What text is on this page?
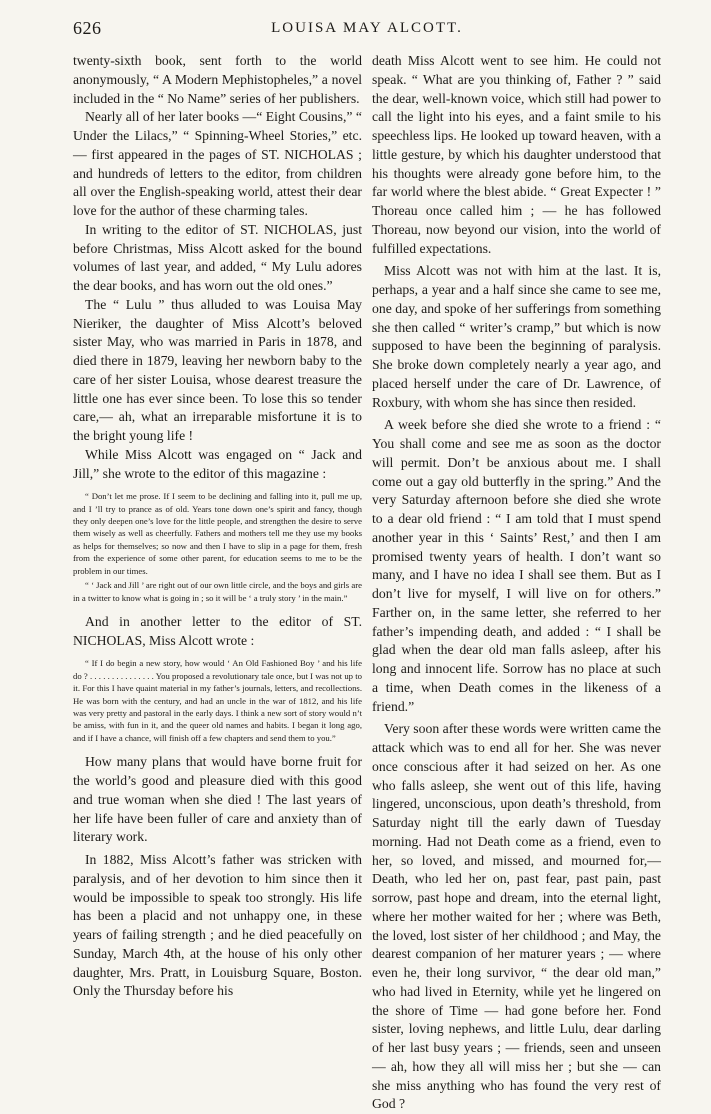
626	LOUISA MAY ALCOTT.

twenty-sixth book, sent forth to the world anonymously, “ A Modern Mephistopheles,” a novel included in the “ No Name” series of her publishers.

Nearly all of her later books —“ Eight Cousins,” “ Under the Lilacs,” “ Spinning-Wheel Stories,” etc.— first appeared in the pages of ST. NICHOLAS ; and hundreds of letters to the editor, from children all over the English-speaking world, attest their dear love for the author of these charming tales.

In writing to the editor of ST. NICHOLAS, just before Christmas, Miss Alcott asked for the bound volumes of last year, and added, “ My Lulu adores the dear books, and has worn out the old ones.”

The “ Lulu ” thus alluded to was Louisa May Nieriker, the daughter of Miss Alcott’s beloved sister May, who was married in Paris in 1878, and died there in 1879, leaving her newborn baby to the care of her sister Louisa, whose dearest treasure the little one has ever since been. To lose this so tender care,— ah, what an irreparable misfortune it is to the bright young life !

While Miss Alcott was engaged on “ Jack and Jill,” she wrote to the editor of this magazine :

“ Don’t let me prose. If I seem to be declining and falling into it, pull me up, and I ’ll try to prance as of old. Years tone down one’s spirit and fancy, though they only deepen one’s love for the little people, and strengthen the desire to serve them wisely as well as cheerfully. Fathers and mothers tell me they use my books as helps for themselves; so now and then I have to slip in a page for them, fresh from the experience of some other parent, for education seems to me to be the problem in our times.

“ ‘ Jack and Jill ’ are right out of our own little circle, and the boys and girls are in a twitter to know what is going in ; so it will be ‘ a truly story ’ in the main.”

And in another letter to the editor of ST. NICHOLAS, Miss Alcott wrote :

“ If I do begin a new story, how would ‘ An Old Fashioned Boy ’ and his life do ? . . . . . . . . . . . . . . . You proposed a revolutionary tale once, but I was not up to it. For this I have quaint material in my father’s journals, letters, and recollections. He was born with the century, and had an uncle in the war of 1812, and his life was very pretty and pastoral in the early days. I think a new sort of story would n’t be amiss, with fun in it, and the queer old names and habits. I began it long ago, and if I have a chance, will finish off a few chapters and send them to you.”

How many plans that would have borne fruit for the world’s good and pleasure died with this good and true woman when she died ! The last years of her life have been fuller of care and anxiety than of literary work.

In 1882, Miss Alcott’s father was stricken with paralysis, and of her devotion to him since then it would be impossible to speak too strongly. His life has been a placid and not unhappy one, in these years of failing strength ; and he died peacefully on Sunday, March 4th, at the house of his only other daughter, Mrs. Pratt, in Louisburg Square, Boston. Only the Thursday before his

death Miss Alcott went to see him. He could not speak. “ What are you thinking of, Father ? ” said the dear, well-known voice, which still had power to call the light into his eyes, and a faint smile to his speechless lips. He looked up toward heaven, with a little gesture, by which his daughter understood that his thoughts were already gone before him, to the far world where the blest abide. “ Great Expecter ! ” Thoreau once called him ; — he has followed Thoreau, now beyond our vision, into the world of fulfilled expectations.

Miss Alcott was not with him at the last. It is, perhaps, a year and a half since she came to see me, one day, and spoke of her sufferings from something she then called “ writer’s cramp,” but which is now supposed to have been the beginning of paralysis. She broke down completely nearly a year ago, and placed herself under the care of Dr. Lawrence, of Roxbury, with whom she has since then resided.

A week before she died she wrote to a friend : “ You shall come and see me as soon as the doctor will permit. Don’t be anxious about me. I shall come out a gay old butterfly in the spring.” And the very Saturday afternoon before she died she wrote to a dear old friend : “ I am told that I must spend another year in this ‘ Saints’ Rest,’ and then I am promised twenty years of health. I don’t want so many, and I have no idea I shall see them. But as I don’t live for myself, I will live on for others.” Farther on, in the same letter, she referred to her father’s impending death, and added : “ I shall be glad when the dear old man falls asleep, after his long and innocent life. Sorrow has no place at such a time, when Death comes in the likeness of a friend.”

Very soon after these words were written came the attack which was to end all for her. She was never once conscious after it had seized on her. As one who falls asleep, she went out of this life, having lingered, unconscious, upon death’s threshold, from Saturday night till the early dawn of Tuesday morning. Had not Death come as a friend, even to her, so loved, and missed, and mourned for,— Death, who led her on, past fear, past pain, past sorrow, past hope and dream, into the eternal light, where her mother waited for her ; where was Beth, the loved, lost sister of her childhood ; and May, the dearest companion of her maturer years ; — where even he, their long survivor, “ the dear old man,” who had lived in Eternity, while yet he lingered on the shore of Time — had gone before her. Fond sister, loving nephews, and little Lulu, dear darling of her last busy years ; — friends, seen and unseen — ah, how they all will miss her ; but she — can she miss anything who has found the very rest of God ?
